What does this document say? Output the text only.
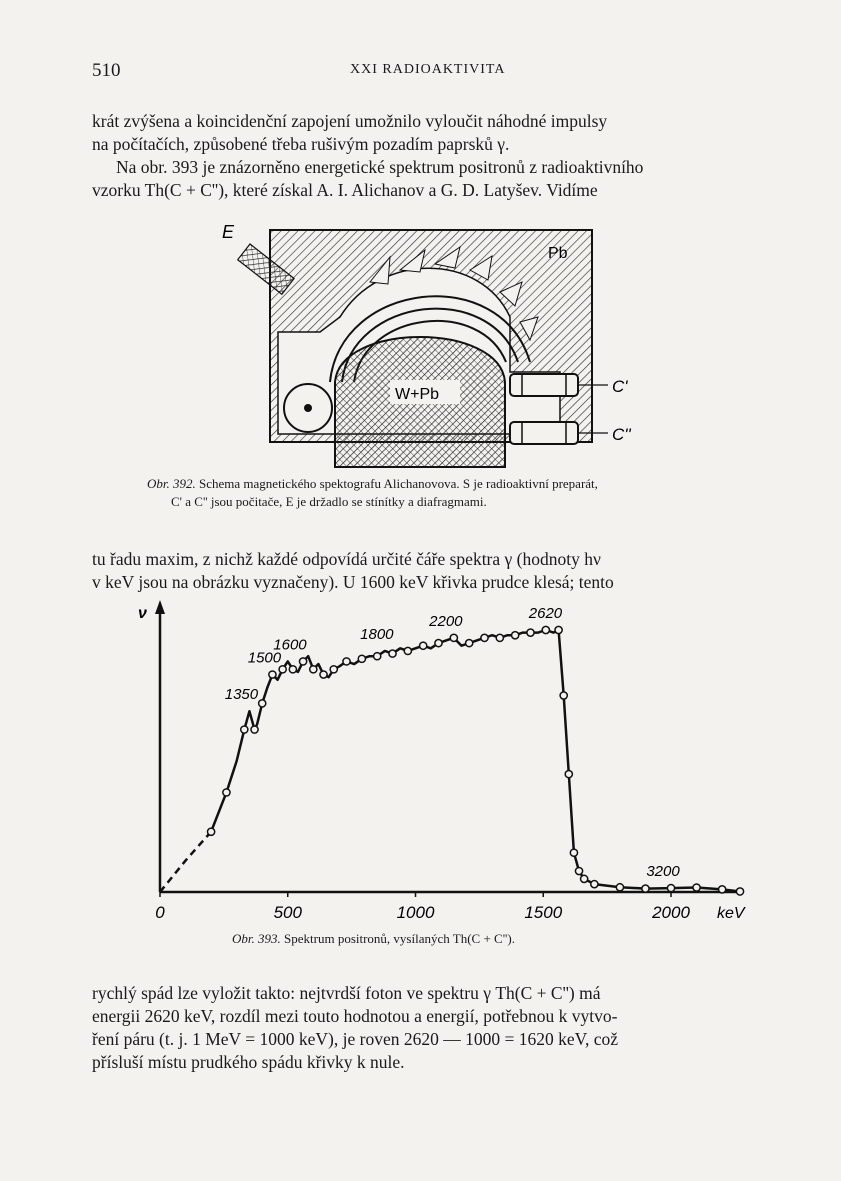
510	XXI RADIOAKTIVITA

krát zvýšena a koincidenční zapojení umožnilo vyloučit náhodné impulsy
na počítačích, způsobené třeba rušivým pozadím paprsků γ.
Na obr. 393 je znázorněno energetické spektrum positronů z radioaktivního
vzorku Th(C + C''), které získal A. I. Alichanov a G. D. Latyšev. Vidíme

W+Pb
Pb
E
C'
C''
Obr. 392. Schema magnetického spektografu Alichanovova. S je radioaktivní preparát,
C' a C'' jsou počitače, E je držadlo se stínítky a diafragmami.

tu řadu maxim, z nichž každé odpovídá určité čáře spektra γ (hodnoty hν
v keV jsou na obrázku vyznačeny). U 1600 keV křivka prudce klesá; tento

ν
0	500	1000	1500	2000 keV
1350
1500
1600
1800
2200	2620
3200
Obr. 393. Spektrum positronů, vysílaných Th(C + C'').

rychlý spád lze vyložit takto: nejtvrdší foton ve spektru γ Th(C + C'') má
energii 2620 keV, rozdíl mezi touto hodnotou a energií, potřebnou k vytvo-
ření páru (t. j. 1 MeV = 1000 keV), je roven 2620 — 1000 = 1620 keV, což
přísluší místu prudkého spádu křivky k nule.
